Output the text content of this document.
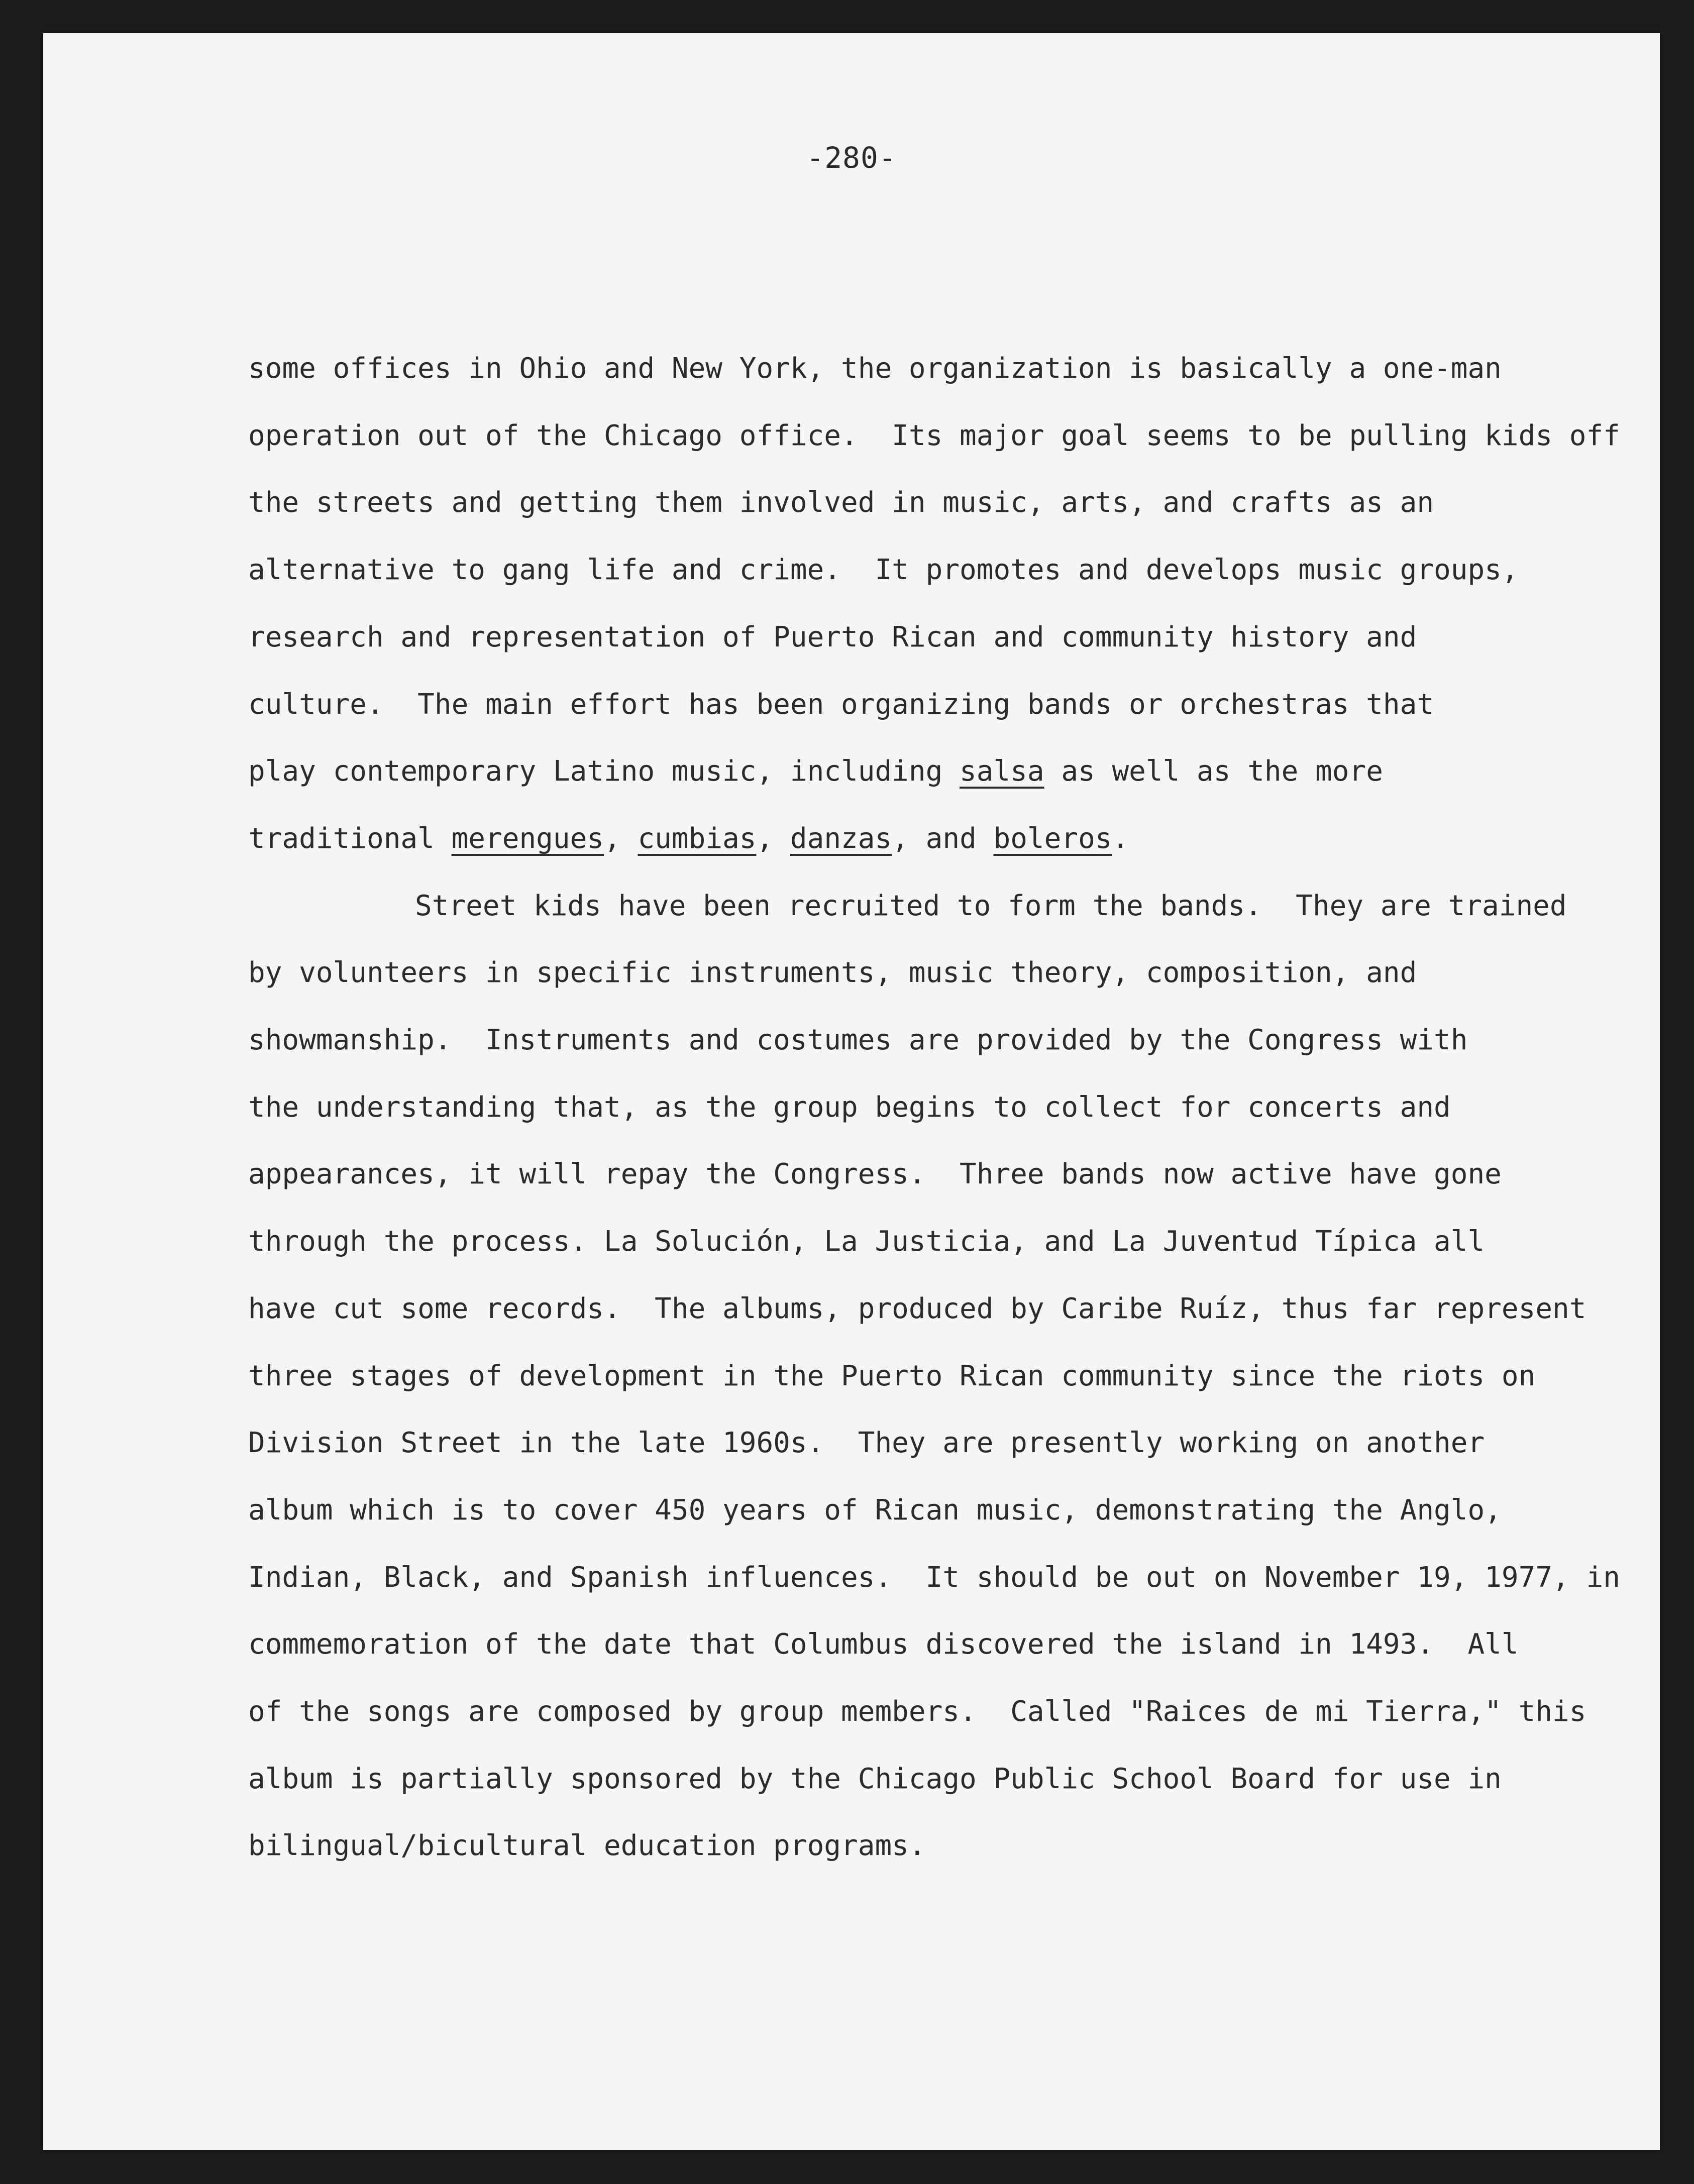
-280-
some offices in Ohio and New York, the organization is basically a one-man
operation out of the Chicago office.  Its major goal seems to be pulling kids off
the streets and getting them involved in music, arts, and crafts as an
alternative to gang life and crime.  It promotes and develops music groups,
research and representation of Puerto Rican and community history and
culture.  The main effort has been organizing bands or orchestras that
play contemporary Latino music, including salsa as well as the more
traditional merengues, cumbias, danzas, and boleros.
Street kids have been recruited to form the bands.  They are trained
by volunteers in specific instruments, music theory, composition, and
showmanship.  Instruments and costumes are provided by the Congress with
the understanding that, as the group begins to collect for concerts and
appearances, it will repay the Congress.  Three bands now active have gone
through the process. La Solución, La Justicia, and La Juventud Típica all
have cut some records.  The albums, produced by Caribe Ruíz, thus far represent
three stages of development in the Puerto Rican community since the riots on
Division Street in the late 1960s.  They are presently working on another
album which is to cover 450 years of Rican music, demonstrating the Anglo,
Indian, Black, and Spanish influences.  It should be out on November 19, 1977, in
commemoration of the date that Columbus discovered the island in 1493.  All
of the songs are composed by group members.  Called "Raices de mi Tierra," this
album is partially sponsored by the Chicago Public School Board for use in
bilingual/bicultural education programs.
